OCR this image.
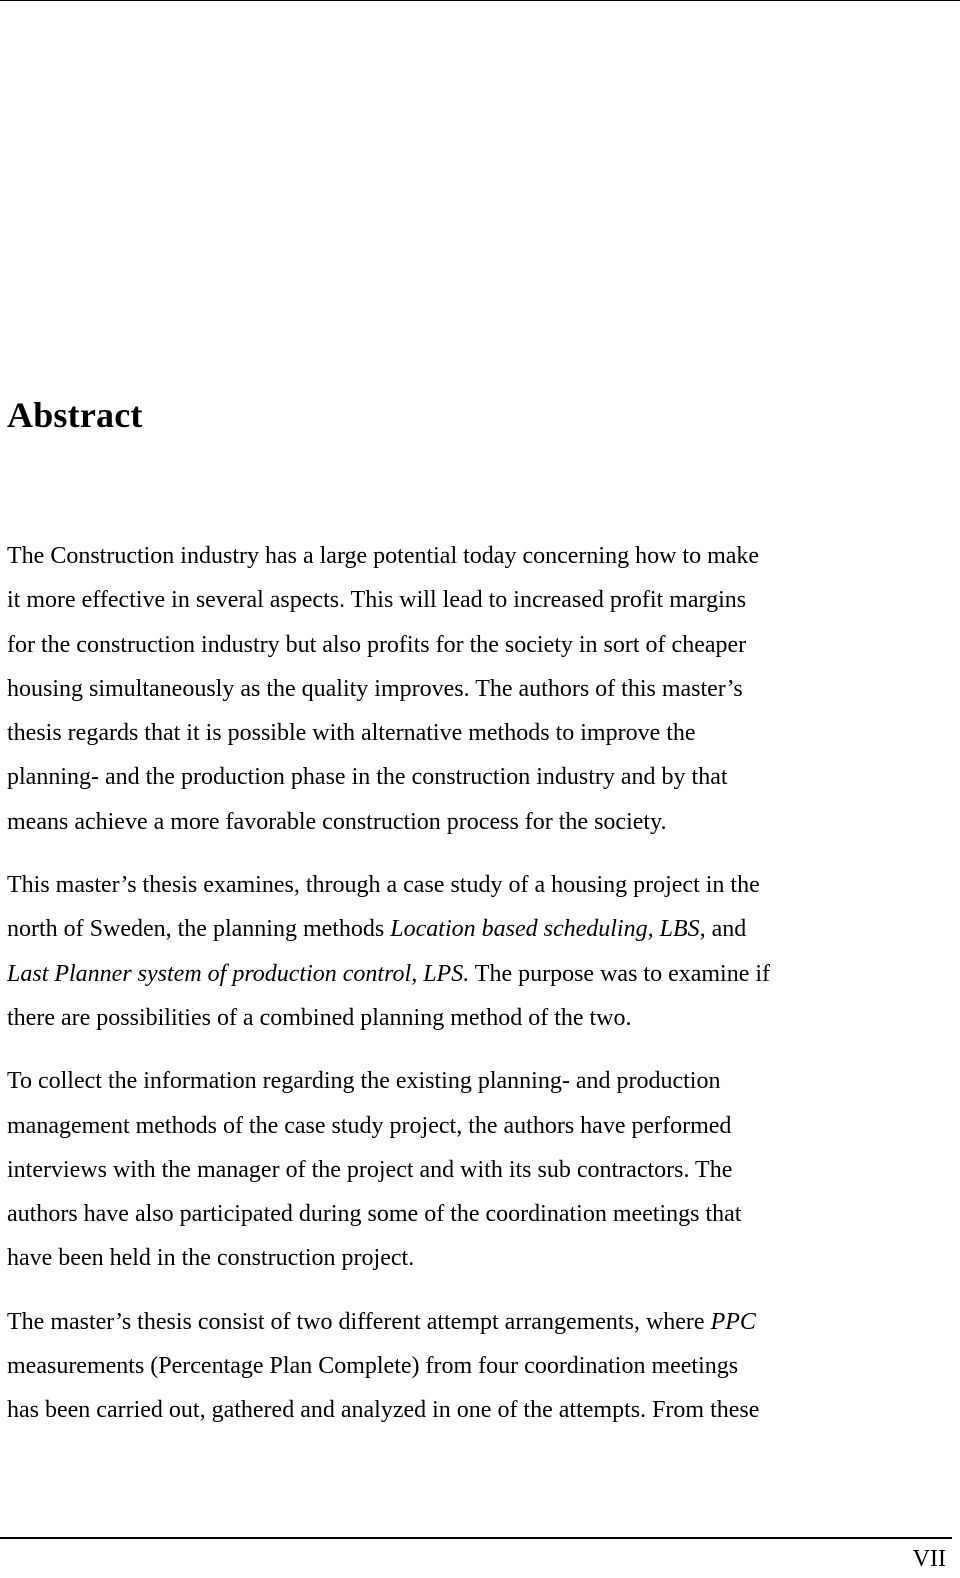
Abstract

The Construction industry has a large potential today concerning how to make
it more effective in several aspects. This will lead to increased profit margins
for the construction industry but also profits for the society in sort of cheaper
housing simultaneously as the quality improves. The authors of this master’s
thesis regards that it is possible with alternative methods to improve the
planning- and the production phase in the construction industry and by that
means achieve a more favorable construction process for the society.

This master’s thesis examines, through a case study of a housing project in the
north of Sweden, the planning methods Location based scheduling, LBS, and
Last Planner system of production control, LPS. The purpose was to examine if
there are possibilities of a combined planning method of the two.

To collect the information regarding the existing planning- and production
management methods of the case study project, the authors have performed
interviews with the manager of the project and with its sub contractors. The
authors have also participated during some of the coordination meetings that
have been held in the construction project.

The master’s thesis consist of two different attempt arrangements, where PPC
measurements (Percentage Plan Complete) from four coordination meetings
has been carried out, gathered and analyzed in one of the attempts. From these

VII
